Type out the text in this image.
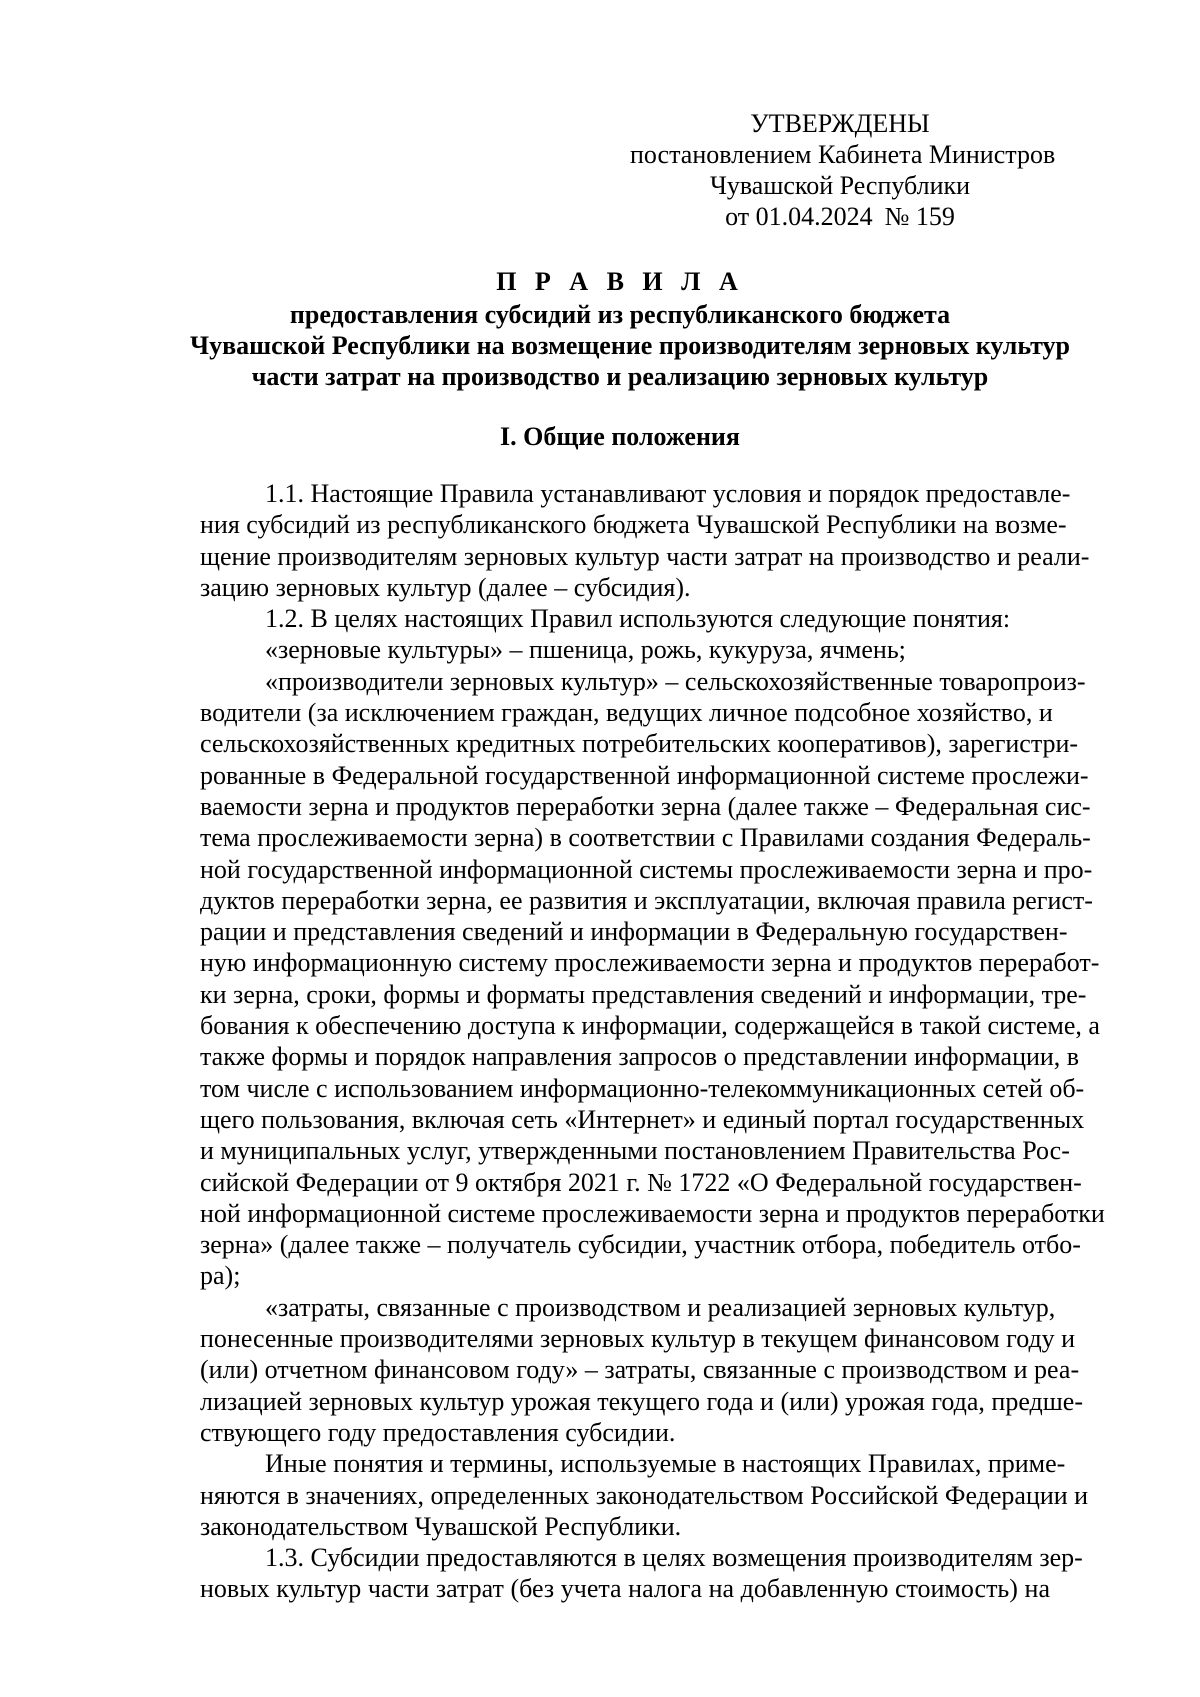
УТВЕРЖДЕНЫ
постановлением Кабинета Министров
Чувашской Республики
от 01.04.2024 № 159
П Р А В И Л А
предоставления субсидий из республиканского бюджета
Чувашской Республики на возмещение производителям зерновых культур
части затрат на производство и реализацию зерновых культур
I. Общие положения
1.1. Настоящие Правила устанавливают условия и порядок предоставле-
ния субсидий из республиканского бюджета Чувашской Республики на возме-
щение производителям зерновых культур части затрат на производство и реали-
зацию зерновых культур (далее – субсидия).
1.2. В целях настоящих Правил используются следующие понятия:
«зерновые культуры» – пшеница, рожь, кукуруза, ячмень;
«производители зерновых культур» – сельскохозяйственные товаропроиз-
водители (за исключением граждан, ведущих личное подсобное хозяйство, и
сельскохозяйственных кредитных потребительских кооперативов), зарегистри-
рованные в Федеральной государственной информационной системе прослежи-
ваемости зерна и продуктов переработки зерна (далее также – Федеральная сис-
тема прослеживаемости зерна) в соответствии с Правилами создания Федераль-
ной государственной информационной системы прослеживаемости зерна и про-
дуктов переработки зерна, ее развития и эксплуатации, включая правила регист-
рации и представления сведений и информации в Федеральную государствен-
ную информационную систему прослеживаемости зерна и продуктов переработ-
ки зерна, сроки, формы и форматы представления сведений и информации, тре-
бования к обеспечению доступа к информации, содержащейся в такой системе, а
также формы и порядок направления запросов о представлении информации, в
том числе с использованием информационно-телекоммуникационных сетей об-
щего пользования, включая сеть «Интернет» и единый портал государственных
и муниципальных услуг, утвержденными постановлением Правительства Рос-
сийской Федерации от 9 октября 2021 г. № 1722 «О Федеральной государствен-
ной информационной системе прослеживаемости зерна и продуктов переработки
зерна» (далее также – получатель субсидии, участник отбора, победитель отбо-
ра);
«затраты, связанные с производством и реализацией зерновых культур,
понесенные производителями зерновых культур в текущем финансовом году и
(или) отчетном финансовом году» – затраты, связанные с производством и реа-
лизацией зерновых культур урожая текущего года и (или) урожая года, предше-
ствующего году предоставления субсидии.
Иные понятия и термины, используемые в настоящих Правилах, приме-
няются в значениях, определенных законодательством Российской Федерации и
законодательством Чувашской Республики.
1.3. Субсидии предоставляются в целях возмещения производителям зер-
новых культур части затрат (без учета налога на добавленную стоимость) на
